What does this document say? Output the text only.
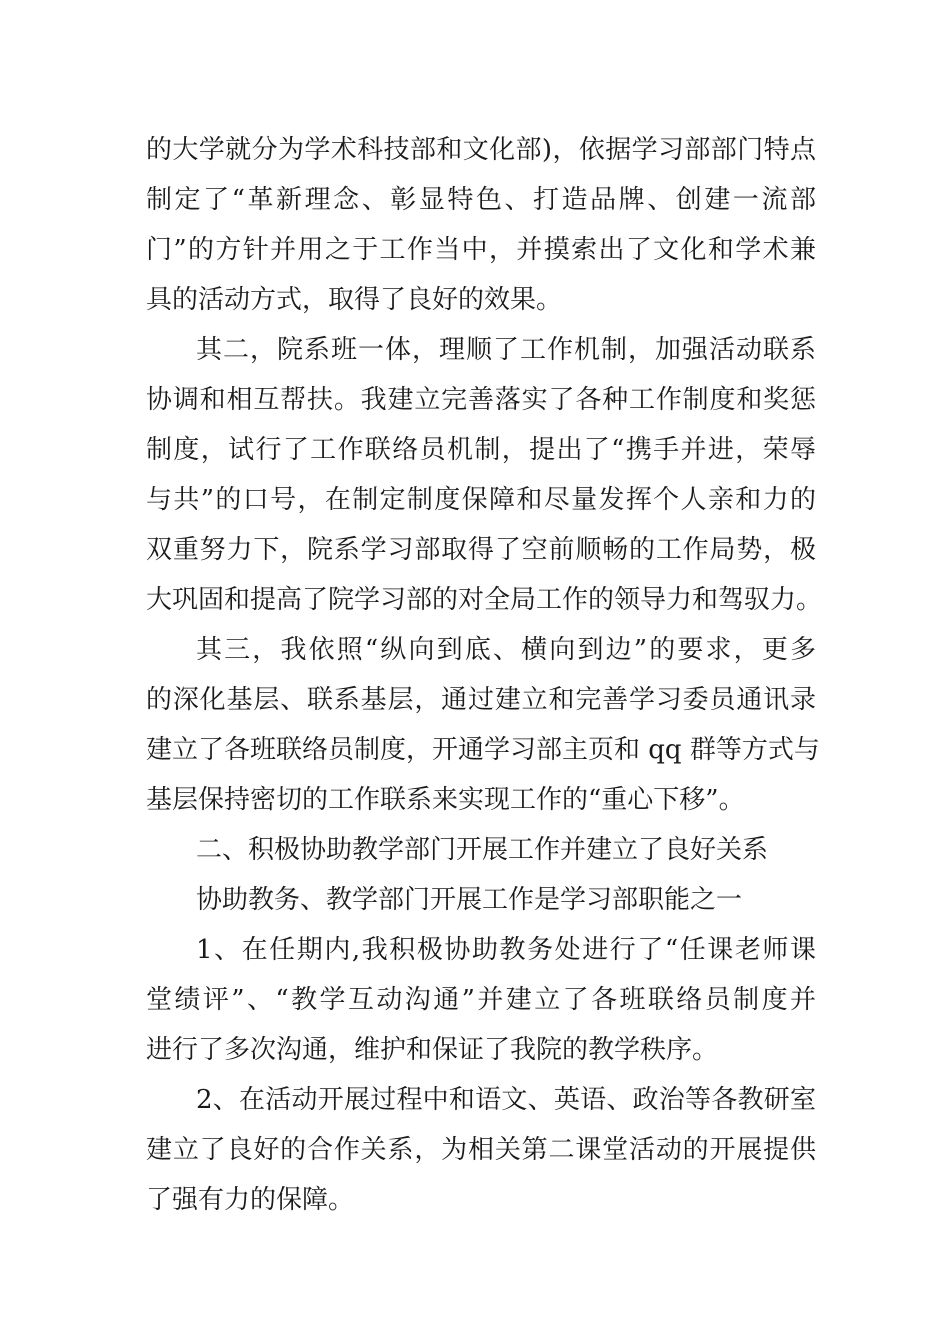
的大学就分为学术科技部和文化部)，依据学习部部门特点
制定了“革新理念、彰显特色、打造品牌、创建一流部
门”的方针并用之于工作当中，并摸索出了文化和学术兼
具的活动方式，取得了良好的效果。
其二，院系班一体，理顺了工作机制，加强活动联系
协调和相互帮扶。我建立完善落实了各种工作制度和奖惩
制度，试行了工作联络员机制，提出了“携手并进，荣辱
与共”的口号，在制定制度保障和尽量发挥个人亲和力的
双重努力下，院系学习部取得了空前顺畅的工作局势，极
大巩固和提高了院学习部的对全局工作的领导力和驾驭力。
其三，我依照“纵向到底、横向到边”的要求，更多
的深化基层、联系基层，通过建立和完善学习委员通讯录
建立了各班联络员制度，开通学习部主页和 qq 群等方式与
基层保持密切的工作联系来实现工作的“重心下移”。
二、积极协助教学部门开展工作并建立了良好关系
协助教务、教学部门开展工作是学习部职能之一
1、在任期内,我积极协助教务处进行了“任课老师课
堂绩评”、“教学互动沟通”并建立了各班联络员制度并
进行了多次沟通，维护和保证了我院的教学秩序。
2、在活动开展过程中和语文、英语、政治等各教研室
建立了良好的合作关系，为相关第二课堂活动的开展提供
了强有力的保障。
